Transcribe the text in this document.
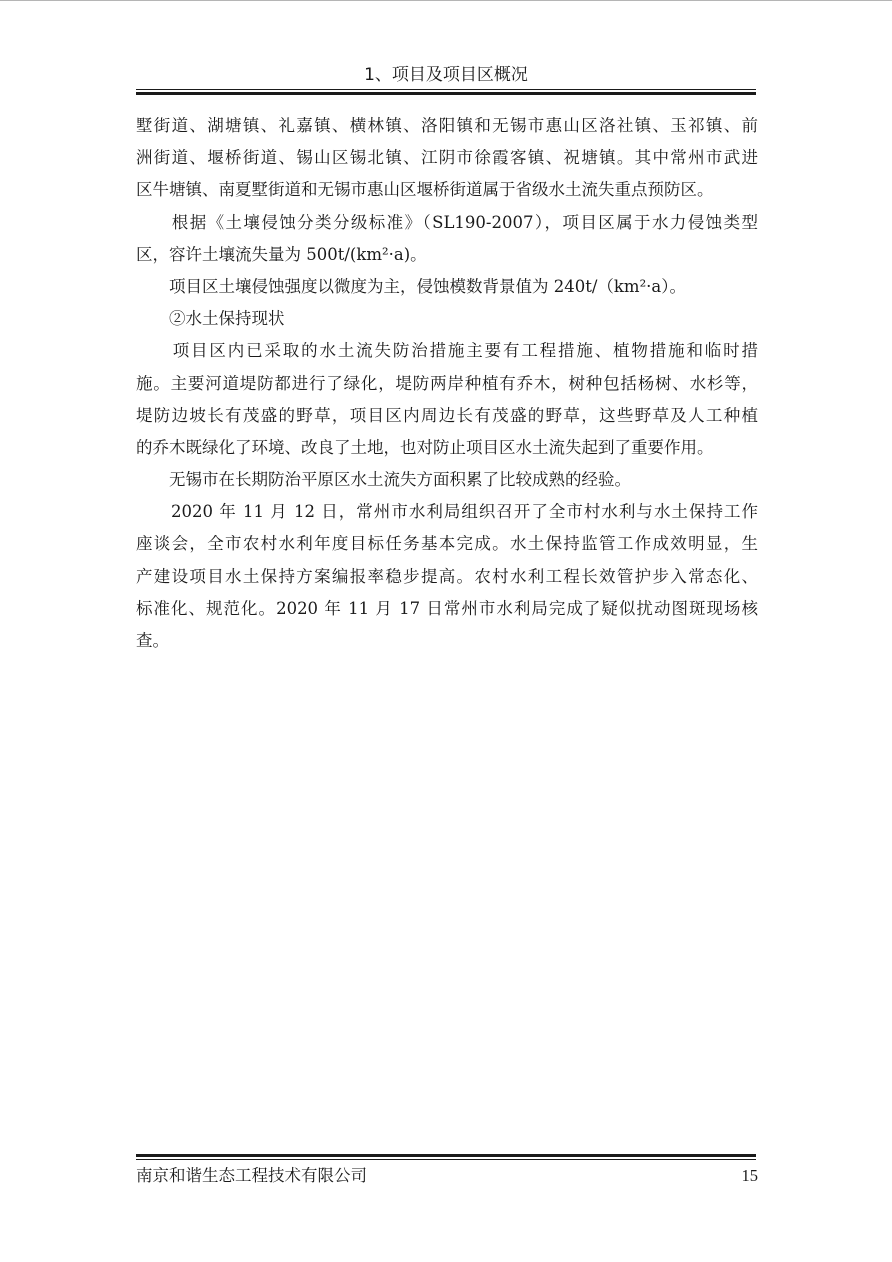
1、项目及项目区概况
墅街道、湖塘镇、礼嘉镇、横林镇、洛阳镇和无锡市惠山区洛社镇、玉祁镇、前
洲街道、堰桥街道、锡山区锡北镇、江阴市徐霞客镇、祝塘镇。其中常州市武进
区牛塘镇、南夏墅街道和无锡市惠山区堰桥街道属于省级水土流失重点预防区。
　　根据《土壤侵蚀分类分级标准》（SL190-2007），项目区属于水力侵蚀类型
区，容许土壤流失量为 500t/(km²·a)。
　　项目区土壤侵蚀强度以微度为主，侵蚀模数背景值为 240t/（km²·a）。
　　②水土保持现状
　　项目区内已采取的水土流失防治措施主要有工程措施、植物措施和临时措
施。主要河道堤防都进行了绿化，堤防两岸种植有乔木，树种包括杨树、水杉等，
堤防边坡长有茂盛的野草，项目区内周边长有茂盛的野草，这些野草及人工种植
的乔木既绿化了环境、改良了土地，也对防止项目区水土流失起到了重要作用。
　　无锡市在长期防治平原区水土流失方面积累了比较成熟的经验。
　　2020 年 11 月 12 日，常州市水利局组织召开了全市村水利与水土保持工作
座谈会，全市农村水利年度目标任务基本完成。水土保持监管工作成效明显，生
产建设项目水土保持方案编报率稳步提高。农村水利工程长效管护步入常态化、
标准化、规范化。2020 年 11 月 17 日常州市水利局完成了疑似扰动图斑现场核
查。
南京和谐生态工程技术有限公司	15
